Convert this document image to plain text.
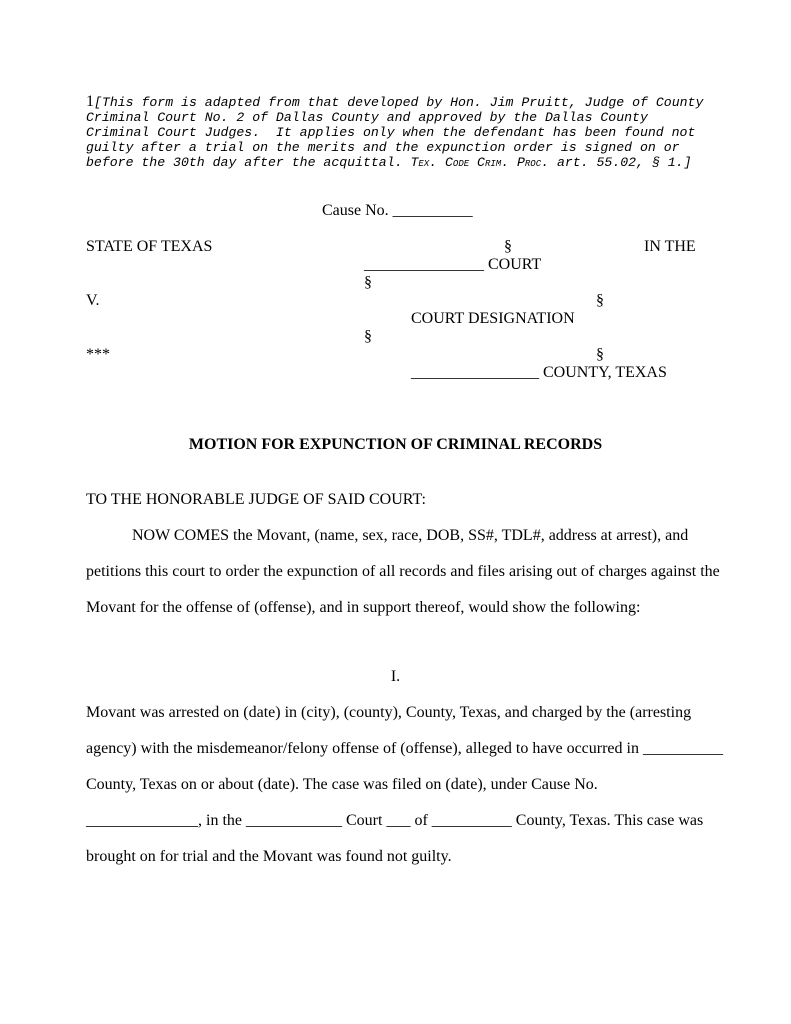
1[This form is adapted from that developed by Hon. Jim Pruitt, Judge of County
Criminal Court No. 2 of Dallas County and approved by the Dallas County
Criminal Court Judges.  It applies only when the defendant has been found not
guilty after a trial on the merits and the expunction order is signed on or
before the 30th day after the acquittal. Tex. Code Crim. Proc. art. 55.02, § 1.]
Cause No. __________
STATE OF TEXAS	§	IN THE
_______________ COURT
§
V.	§
COURT DESIGNATION
§
***	§
________________ COUNTY, TEXAS
MOTION FOR EXPUNCTION OF CRIMINAL RECORDS
TO THE HONORABLE JUDGE OF SAID COURT:
NOW COMES the Movant, (name, sex, race, DOB, SS#, TDL#, address at arrest), and
petitions this court to order the expunction of all records and files arising out of charges against the
Movant for the offense of (offense), and in support thereof, would show the following:
I.
Movant was arrested on (date) in (city), (county), County, Texas, and charged by the (arresting
agency) with the misdemeanor/felony offense of (offense), alleged to have occurred in __________
County, Texas on or about (date). The case was filed on (date), under Cause No.
______________, in the ____________ Court ___ of __________ County, Texas. This case was
brought on for trial and the Movant was found not guilty.
